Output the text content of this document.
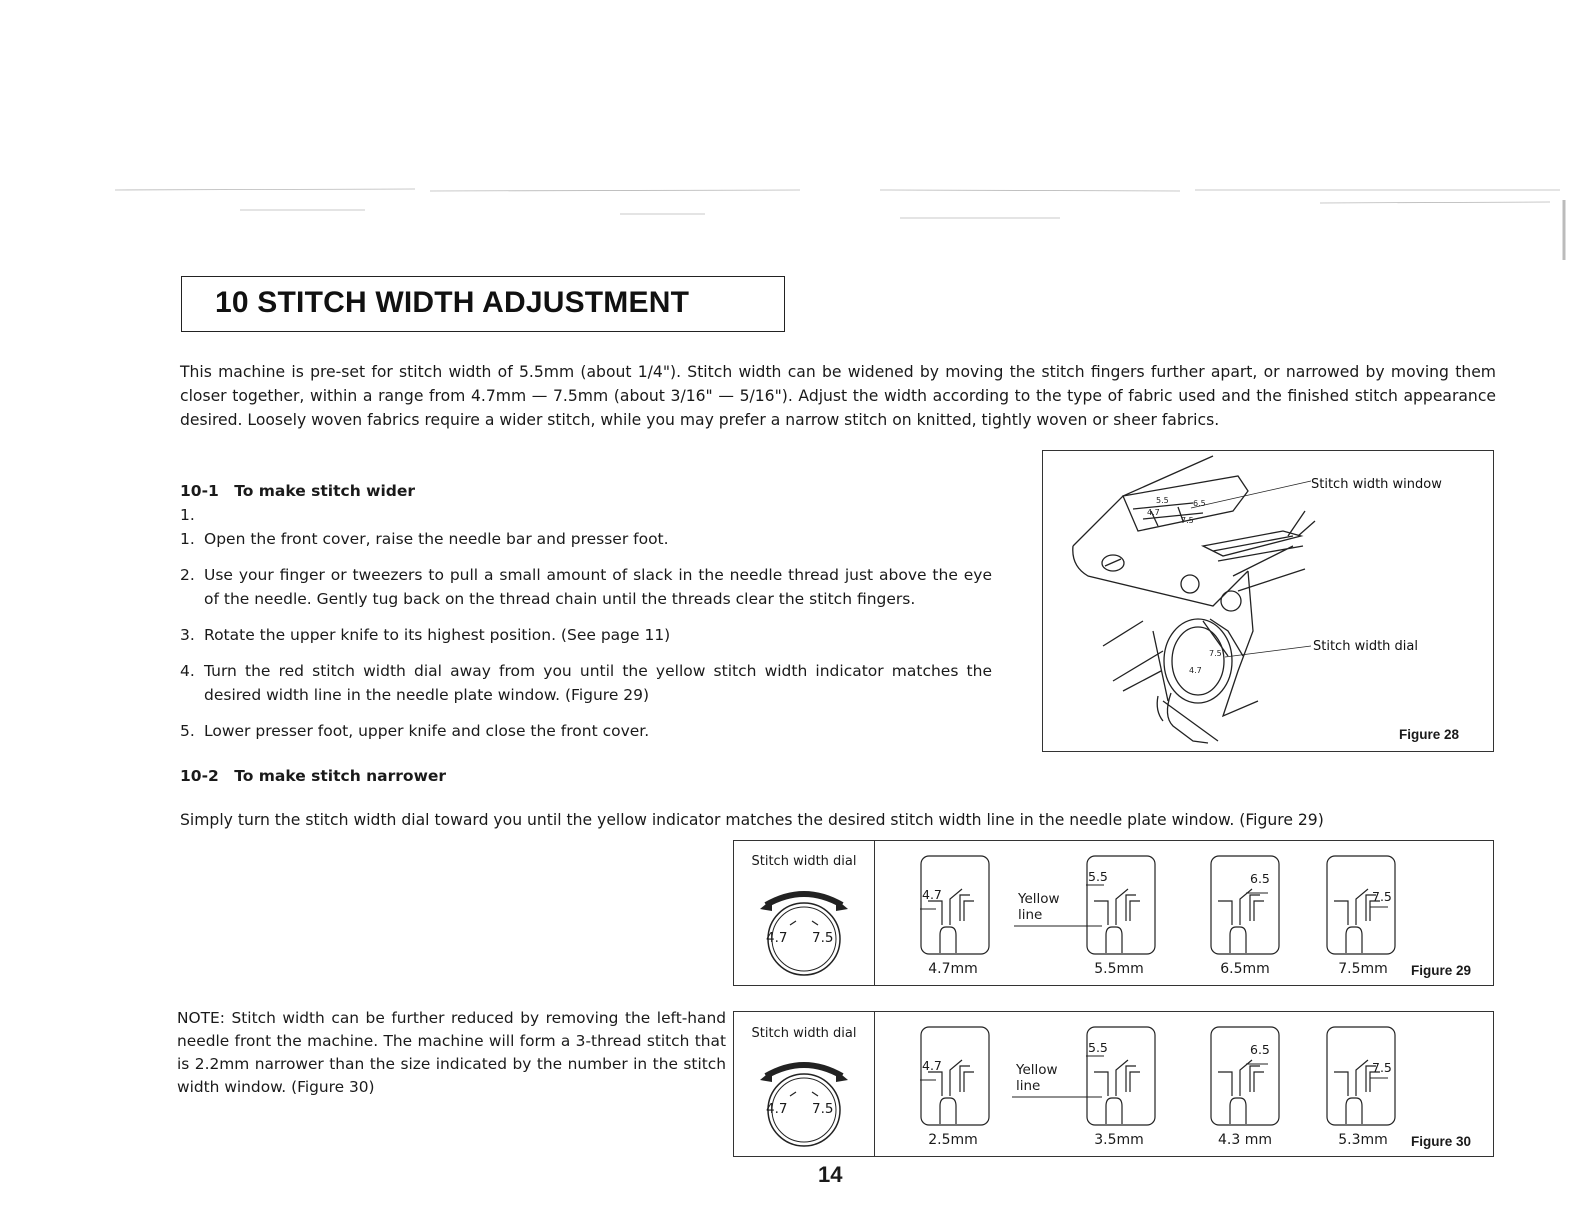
10 STITCH WIDTH ADJUSTMENT

This machine is pre-set for stitch width of 5.5mm (about 1/4"). Stitch width can be widened by moving the stitch fingers further apart, or narrowed by moving them closer together, within a range from 4.7mm — 7.5mm (about 3/16" — 5/16"). Adjust the width according to the type of fabric used and the finished stitch appearance desired. Loosely woven fabrics require a wider stitch, while you may prefer a narrow stitch on knitted, tightly woven or sheer fabrics.

10-1 To make stitch wider
1.
1. Open the front cover, raise the needle bar and presser foot.
2. Use your finger or tweezers to pull a small amount of slack in the needle thread just above the eye of the needle. Gently tug back on the thread chain until the threads clear the stitch fingers.
3. Rotate the upper knife to its highest position. (See page 11)
4. Turn the red stitch width dial away from you until the yellow stitch width indicator matches the desired width line in the needle plate window. (Figure 29)
5. Lower presser foot, upper knife and close the front cover.
10-2 To make stitch narrower

Simply turn the stitch width dial toward you until the yellow indicator matches the desired stitch width line in the needle plate window. (Figure 29)

NOTE: Stitch width can be further reduced by removing the left-hand needle front the machine. The machine will form a 3-thread stitch that is 2.2mm narrower than the size indicated by the number in the stitch width window. (Figure 30)

5.5	6.5
4.7
7.5
7.5
4.7
Stitch width window
Stitch width dial
Figure 28
Stitch width dial
4.7 7.5
4.7
4.7mm
Yellow
line
5.5
5.5mm
6.5
6.5mm
7.5
7.5mm	Figure 29
Stitch width dial
4.7 7.5
4.7
2.5mm
Yellow
line
5.5
3.5mm
6.5
4.3 mm
7.5
5.3mm	Figure 30
14
